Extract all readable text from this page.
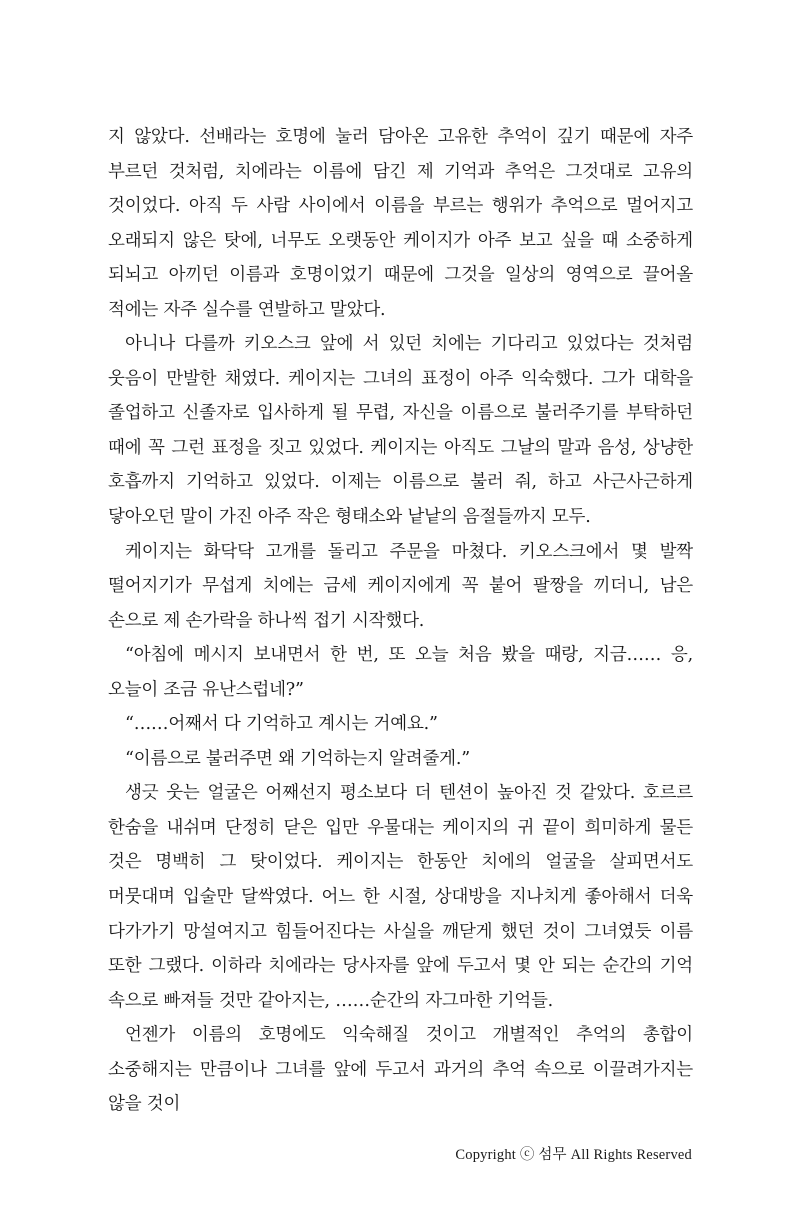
지 않았다. 선배라는 호명에 눌러 담아온 고유한 추억이 깊기 때문에 자주 부르던 것처럼, 치에라는 이름에 담긴 제 기억과 추억은 그것대로 고유의 것이었다. 아직 두 사람 사이에서 이름을 부르는 행위가 추억으로 멀어지고 오래되지 않은 탓에, 너무도 오랫동안 케이지가 아주 보고 싶을 때 소중하게 되뇌고 아끼던 이름과 호명이었기 때문에 그것을 일상의 영역으로 끌어올 적에는 자주 실수를 연발하고 말았다.

아니나 다를까 키오스크 앞에 서 있던 치에는 기다리고 있었다는 것처럼 웃음이 만발한 채였다. 케이지는 그녀의 표정이 아주 익숙했다. 그가 대학을 졸업하고 신졸자로 입사하게 될 무렵, 자신을 이름으로 불러주기를 부탁하던 때에 꼭 그런 표정을 짓고 있었다. 케이지는 아직도 그날의 말과 음성, 상냥한 호흡까지 기억하고 있었다. 이제는 이름으로 불러 줘, 하고 사근사근하게 닿아오던 말이 가진 아주 작은 형태소와 낱낱의 음절들까지 모두.

케이지는 화닥닥 고개를 돌리고 주문을 마쳤다. 키오스크에서 몇 발짝 떨어지기가 무섭게 치에는 금세 케이지에게 꼭 붙어 팔짱을 끼더니, 남은 손으로 제 손가락을 하나씩 접기 시작했다.

“아침에 메시지 보내면서 한 번, 또 오늘 처음 봤을 때랑, 지금…… 응, 오늘이 조금 유난스럽네?”

“……어째서 다 기억하고 계시는 거예요.”

“이름으로 불러주면 왜 기억하는지 알려줄게.”

생긋 웃는 얼굴은 어째선지 평소보다 더 텐션이 높아진 것 같았다. 호르르 한숨을 내쉬며 단정히 닫은 입만 우물대는 케이지의 귀 끝이 희미하게 물든 것은 명백히 그 탓이었다. 케이지는 한동안 치에의 얼굴을 살피면서도 머뭇대며 입술만 달싹였다. 어느 한 시절, 상대방을 지나치게 좋아해서 더욱 다가가기 망설여지고 힘들어진다는 사실을 깨닫게 했던 것이 그녀였듯 이름 또한 그랬다. 이하라 치에라는 당사자를 앞에 두고서 몇 안 되는 순간의 기억 속으로 빠져들 것만 같아지는, ……순간의 자그마한 기억들.

언젠가 이름의 호명에도 익숙해질 것이고 개별적인 추억의 총합이 소중해지는 만큼이나 그녀를 앞에 두고서 과거의 추억 속으로 이끌려가지는 않을 것이

Copyright ⓒ 섬무 All Rights Reserved
